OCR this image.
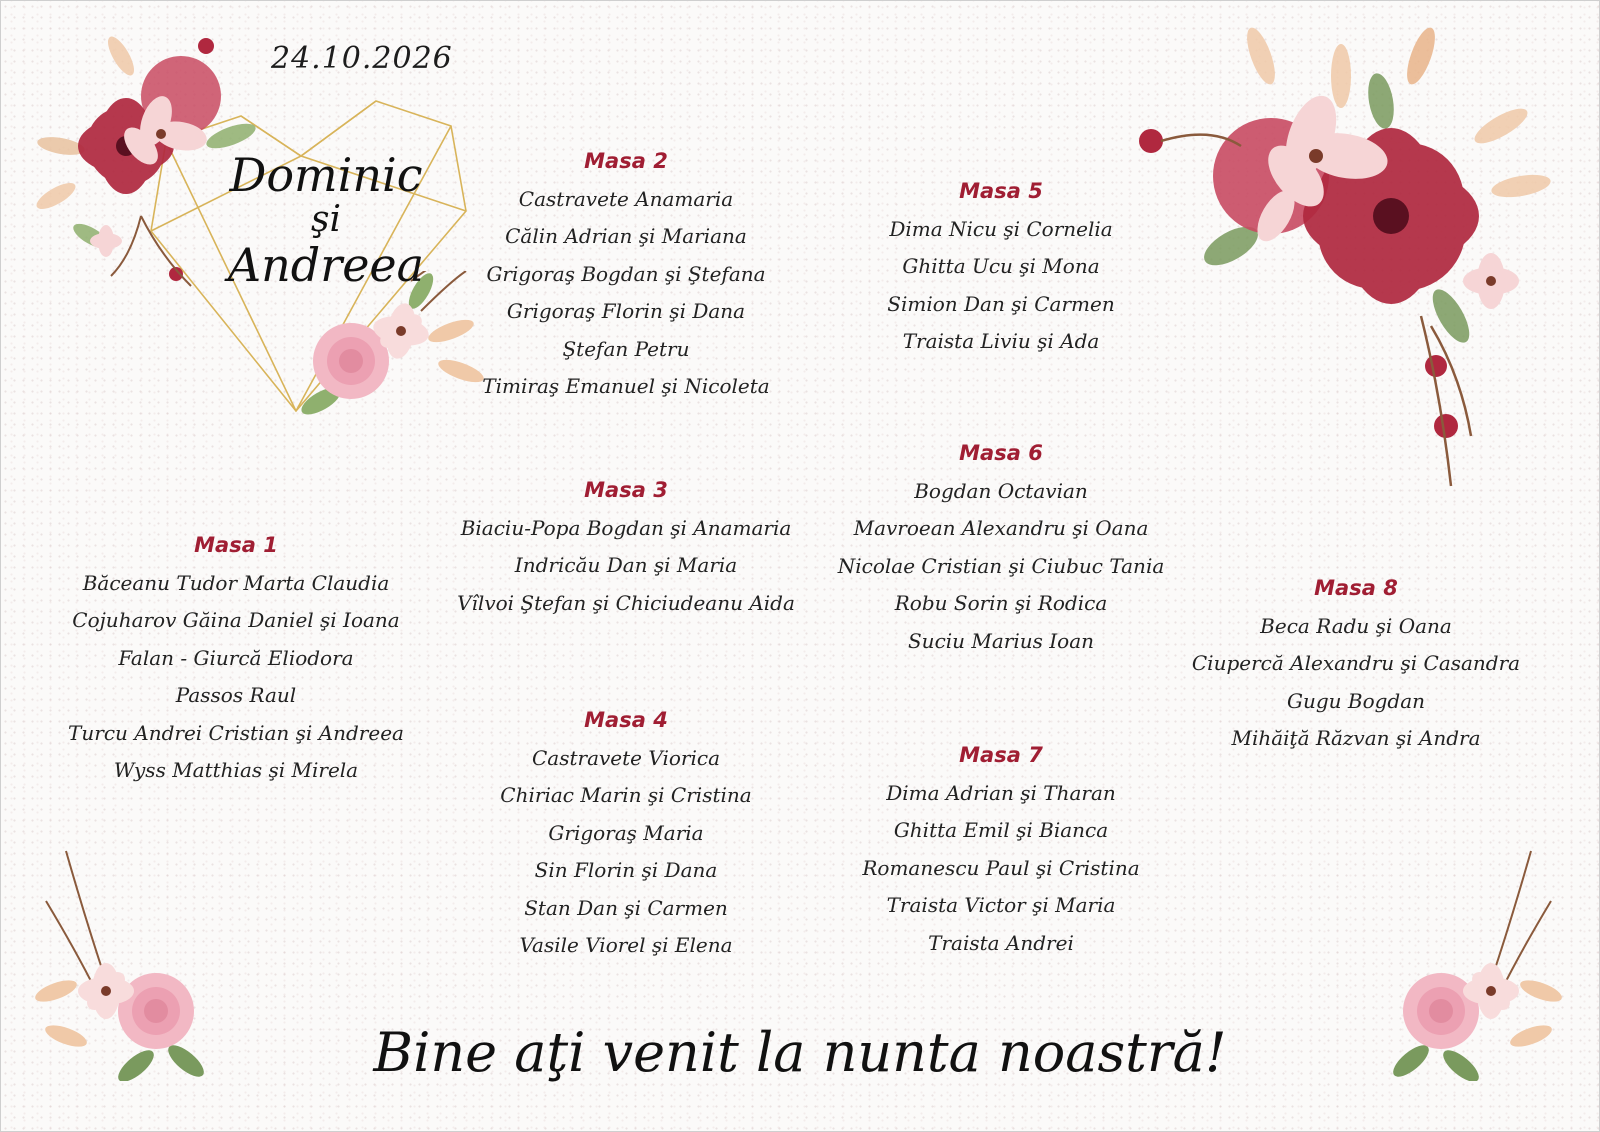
24.10.2026
Dominic
şi
Andreea
Masa 1
Băceanu Tudor Marta Claudia
Cojuharov Găina Daniel şi Ioana
Falan - Giurcă Eliodora
Passos Raul
Turcu Andrei Cristian şi Andreea
Wyss Matthias şi Mirela
Masa 2
Castravete Anamaria
Călin Adrian şi Mariana
Grigoraş Bogdan şi Ştefana
Grigoraş Florin şi Dana
Ştefan Petru
Timiraş Emanuel şi Nicoleta
Masa 3
Biaciu-Popa Bogdan şi Anamaria
Indricău Dan şi Maria
Vîlvoi Ştefan şi Chiciudeanu Aida
Masa 4
Castravete Viorica
Chiriac Marin şi Cristina
Grigoraş Maria
Sin Florin şi Dana
Stan Dan şi Carmen
Vasile Viorel şi Elena
Masa 5
Dima Nicu şi Cornelia
Ghitta Ucu şi Mona
Simion Dan şi Carmen
Traista Liviu şi Ada
Masa 6
Bogdan Octavian
Mavroean Alexandru şi Oana
Nicolae Cristian şi Ciubuc Tania
Robu Sorin şi Rodica
Suciu Marius Ioan
Masa 7
Dima Adrian şi Tharan
Ghitta Emil şi Bianca
Romanescu Paul şi Cristina
Traista Victor şi Maria
Traista Andrei
Masa 8
Beca Radu şi Oana
Ciupercă Alexandru şi Casandra
Gugu Bogdan
Mihăiţă Răzvan şi Andra
Bine aţi venit la nunta noastră!
